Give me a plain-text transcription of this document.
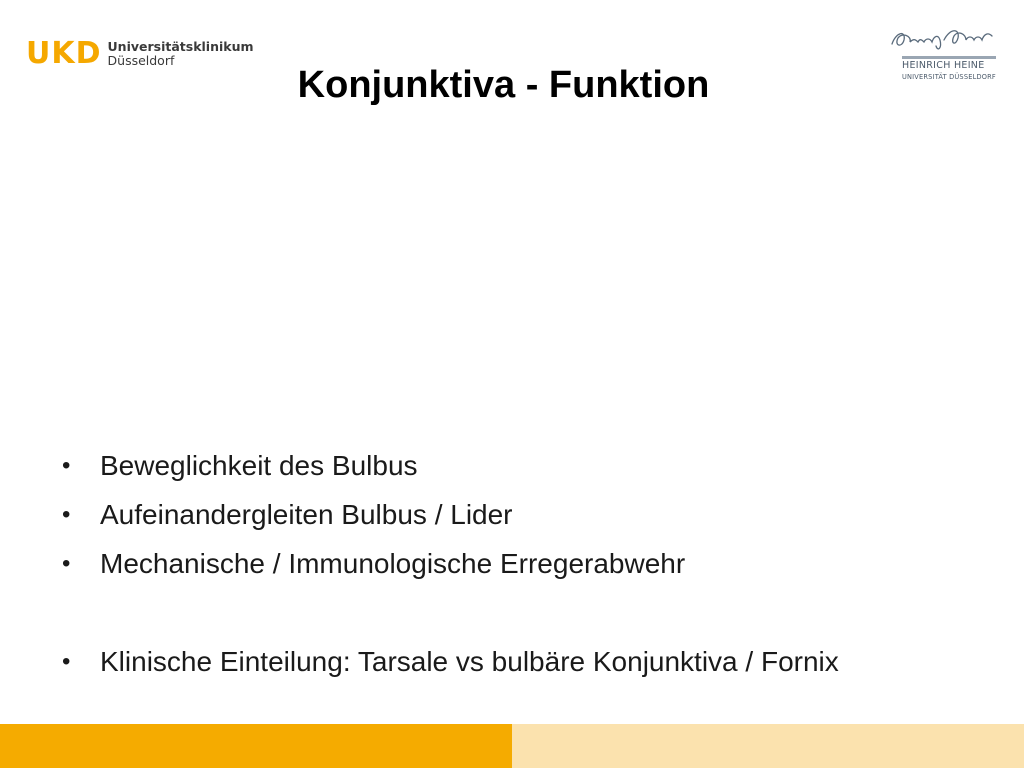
UKD Universitätsklinikum
Düsseldorf	HEINRICH HEINE
UNIVERSITÄT DÜSSELDORF
Konjunktiva - Funktion
•	Beweglichkeit des Bulbus
•	Aufeinandergleiten Bulbus / Lider
•	Mechanische / Immunologische Erregerabwehr
•	Klinische Einteilung: Tarsale vs bulbäre Konjunktiva / Fornix
